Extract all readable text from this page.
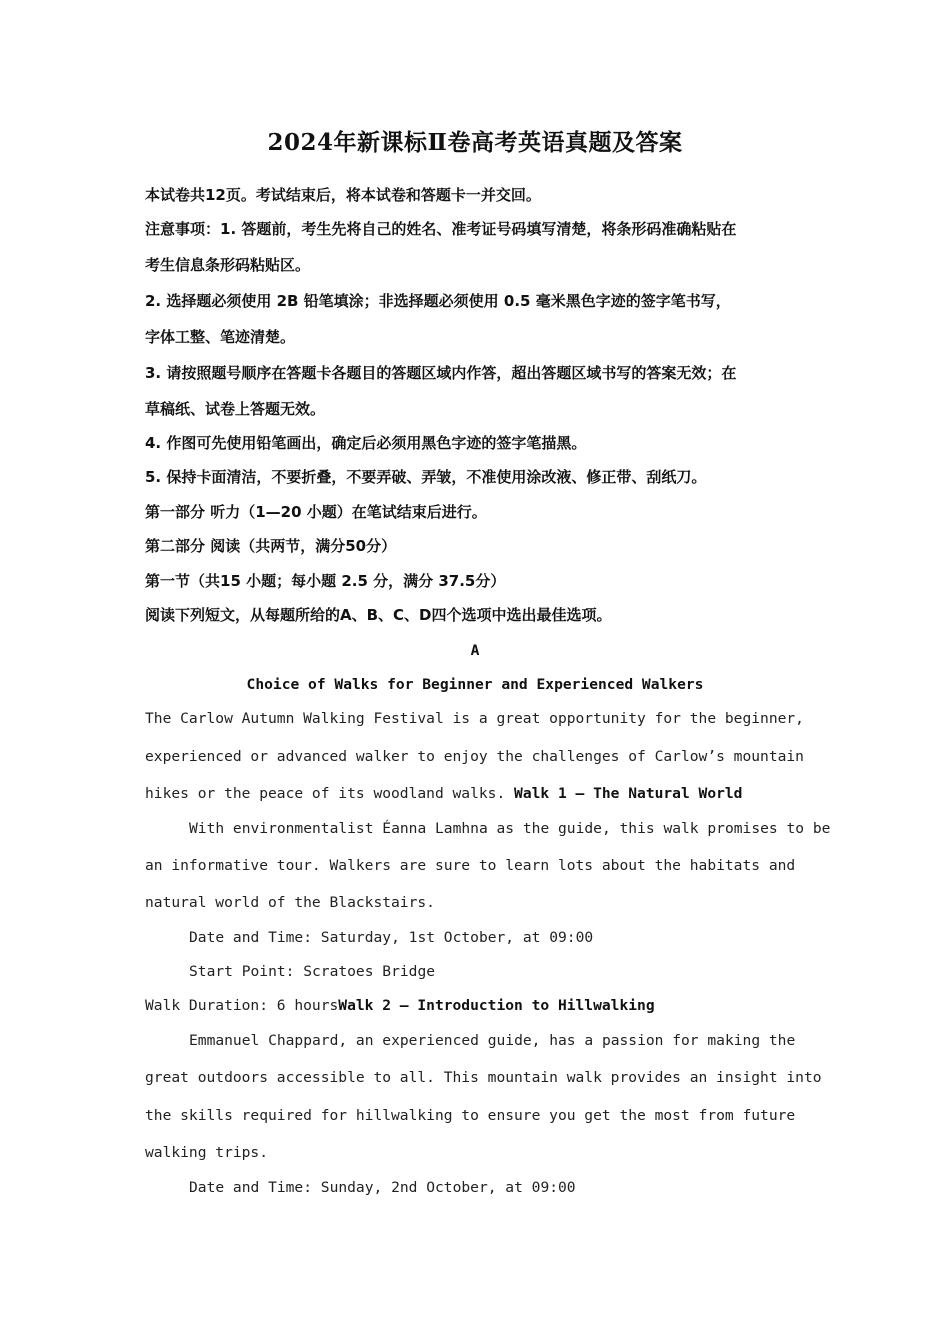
2024年新课标Ⅱ卷高考英语真题及答案
本试卷共12页。考试结束后，将本试卷和答题卡一并交回。
注意事项：1. 答题前，考生先将自己的姓名、准考证号码填写清楚，将条形码准确粘贴在
考生信息条形码粘贴区。
2. 选择题必须使用 2B 铅笔填涂；非选择题必须使用 0.5 毫米黑色字迹的签字笔书写，
字体工整、笔迹清楚。
3. 请按照题号顺序在答题卡各题目的答题区域内作答，超出答题区域书写的答案无效；在
草稿纸、试卷上答题无效。
4. 作图可先使用铅笔画出，确定后必须用黑色字迹的签字笔描黑。
5. 保持卡面清洁，不要折叠，不要弄破、弄皱，不准使用涂改液、修正带、刮纸刀。
第一部分 听力（1—20 小题）在笔试结束后进行。
第二部分 阅读（共两节，满分50分）
第一节（共15 小题；每小题 2.5 分，满分 37.5分）
阅读下列短文，从每题所给的A、B、C、D四个选项中选出最佳选项。
A
Choice of Walks for Beginner and Experienced Walkers
The Carlow Autumn Walking Festival is a great opportunity for the beginner,
experienced or advanced walker to enjoy the challenges of Carlow’s mountain
hikes or the peace of its woodland walks. Walk 1 — The Natural World
With environmentalist Éanna Lamhna as the guide, this walk promises to be
an informative tour. Walkers are sure to learn lots about the habitats and
natural world of the Blackstairs.
Date and Time: Saturday, 1st October, at 09:00
Start Point: Scratoes Bridge
Walk Duration: 6 hoursWalk 2 — Introduction to Hillwalking
Emmanuel Chappard, an experienced guide, has a passion for making the
great outdoors accessible to all. This mountain walk provides an insight into
the skills required for hillwalking to ensure you get the most from future
walking trips.
Date and Time: Sunday, 2nd October, at 09:00
